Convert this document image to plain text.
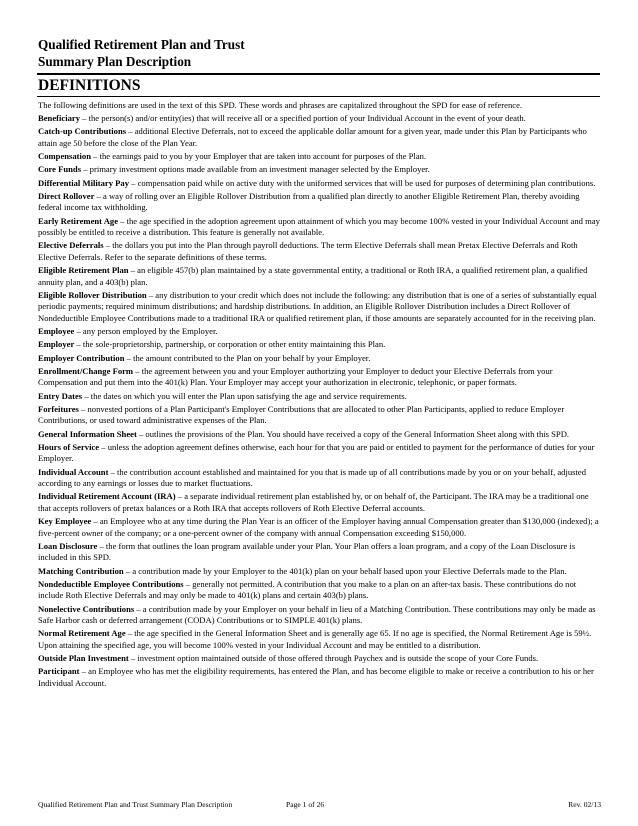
Qualified Retirement Plan and Trust
Summary Plan Description
DEFINITIONS

The following definitions are used in the text of this SPD. These words and phrases are capitalized throughout the SPD for ease of reference.

Beneficiary – the person(s) and/or entity(ies) that will receive all or a specified portion of your Individual Account in the event of your death.

Catch-up Contributions – additional Elective Deferrals, not to exceed the applicable dollar amount for a given year, made under this Plan by Participants who attain age 50 before the close of the Plan Year.

Compensation – the earnings paid to you by your Employer that are taken into account for purposes of the Plan.

Core Funds – primary investment options made available from an investment manager selected by the Employer.

Differential Military Pay – compensation paid while on active duty with the uniformed services that will be used for purposes of determining plan contributions.

Direct Rollover – a way of rolling over an Eligible Rollover Distribution from a qualified plan directly to another Eligible Retirement Plan, thereby avoiding federal income tax withholding.

Early Retirement Age – the age specified in the adoption agreement upon attainment of which you may become 100% vested in your Individual Account and may possibly be entitled to receive a distribution. This feature is generally not available.

Elective Deferrals – the dollars you put into the Plan through payroll deductions. The term Elective Deferrals shall mean Pretax Elective Deferrals and Roth Elective Deferrals. Refer to the separate definitions of these terms.

Eligible Retirement Plan – an eligible 457(b) plan maintained by a state governmental entity, a traditional or Roth IRA, a qualified retirement plan, a qualified annuity plan, and a 403(b) plan.

Eligible Rollover Distribution – any distribution to your credit which does not include the following: any distribution that is one of a series of substantially equal periodic payments; required minimum distributions; and hardship distributions. In addition, an Eligible Rollover Distribution includes a Direct Rollover of Nondeductible Employee Contributions made to a traditional IRA or qualified retirement plan, if those amounts are separately accounted for in the receiving plan.

Employee – any person employed by the Employer.

Employer – the sole-proprietorship, partnership, or corporation or other entity maintaining this Plan.

Employer Contribution – the amount contributed to the Plan on your behalf by your Employer.

Enrollment/Change Form – the agreement between you and your Employer authorizing your Employer to deduct your Elective Deferrals from your Compensation and put them into the 401(k) Plan. Your Employer may accept your authorization in electronic, telephonic, or paper formats.

Entry Dates – the dates on which you will enter the Plan upon satisfying the age and service requirements.

Forfeitures – nonvested portions of a Plan Participant's Employer Contributions that are allocated to other Plan Participants, applied to reduce Employer Contributions, or used toward administrative expenses of the Plan.

General Information Sheet – outlines the provisions of the Plan. You should have received a copy of the General Information Sheet along with this SPD.

Hours of Service – unless the adoption agreement defines otherwise, each hour for that you are paid or entitled to payment for the performance of duties for your Employer.

Individual Account – the contribution account established and maintained for you that is made up of all contributions made by you or on your behalf, adjusted according to any earnings or losses due to market fluctuations.

Individual Retirement Account (IRA) – a separate individual retirement plan established by, or on behalf of, the Participant. The IRA may be a traditional one that accepts rollovers of pretax balances or a Roth IRA that accepts rollovers of Roth Elective Deferral accounts.

Key Employee – an Employee who at any time during the Plan Year is an officer of the Employer having annual Compensation greater than $130,000 (indexed); a five-percent owner of the company; or a one-percent owner of the company with annual Compensation exceeding $150,000.

Loan Disclosure – the form that outlines the loan program available under your Plan. Your Plan offers a loan program, and a copy of the Loan Disclosure is included in this SPD.

Matching Contribution – a contribution made by your Employer to the 401(k) plan on your behalf based upon your Elective Deferrals made to the Plan.

Nondeductible Employee Contributions – generally not permitted. A contribution that you make to a plan on an after-tax basis. These contributions do not include Roth Elective Deferrals and may only be made to 401(k) plans and certain 403(b) plans.

Nonelective Contributions – a contribution made by your Employer on your behalf in lieu of a Matching Contribution. These contributions may only be made as Safe Harbor cash or deferred arrangement (CODA) Contributions or to SIMPLE 401(k) plans.

Normal Retirement Age – the age specified in the General Information Sheet and is generally age 65. If no age is specified, the Normal Retirement Age is 59½. Upon attaining the specified age, you will become 100% vested in your Individual Account and may be entitled to a distribution.

Outside Plan Investment – investment option maintained outside of those offered through Paychex and is outside the scope of your Core Funds.

Participant – an Employee who has met the eligibility requirements, has entered the Plan, and has become eligible to make or receive a contribution to his or her Individual Account.

Qualified Retirement Plan and Trust Summary Plan Description	Page 1 of 26	Rev. 02/13
